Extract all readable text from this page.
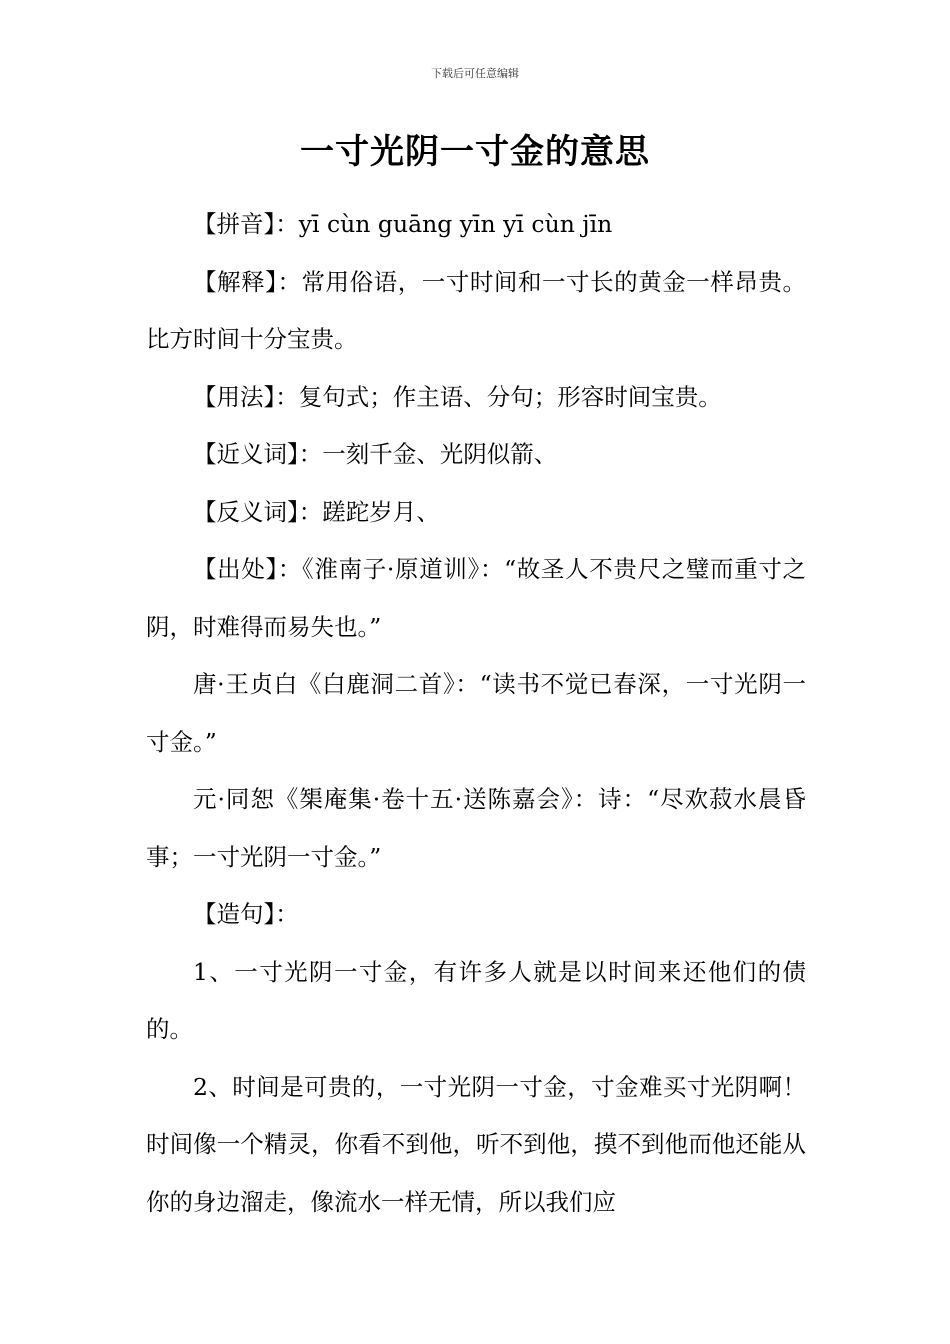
下载后可任意编辑
一寸光阴一寸金的意思

【拼音】：yī cùn guāng yīn yī cùn jīn

【解释】：常用俗语，一寸时间和一寸长的黄金一样昂贵。比方时间十分宝贵。

【用法】：复句式；作主语、分句；形容时间宝贵。

【近义词】：一刻千金、光阴似箭、

【反义词】：蹉跎岁月、

【出处】：《淮南子·原道训》：“故圣人不贵尺之璧而重寸之阴，时难得而易失也。”

唐·王贞白《白鹿洞二首》：“读书不觉已春深，一寸光阴一寸金。”

元·同恕《榘庵集·卷十五·送陈嘉会》：诗：“尽欢菽水晨昏事；一寸光阴一寸金。”

【造句】：

1、一寸光阴一寸金，有许多人就是以时间来还他们的债的。

2、时间是可贵的，一寸光阴一寸金，寸金难买寸光阴啊！时间像一个精灵，你看不到他，听不到他，摸不到他而他还能从你的身边溜走，像流水一样无情，所以我们应
